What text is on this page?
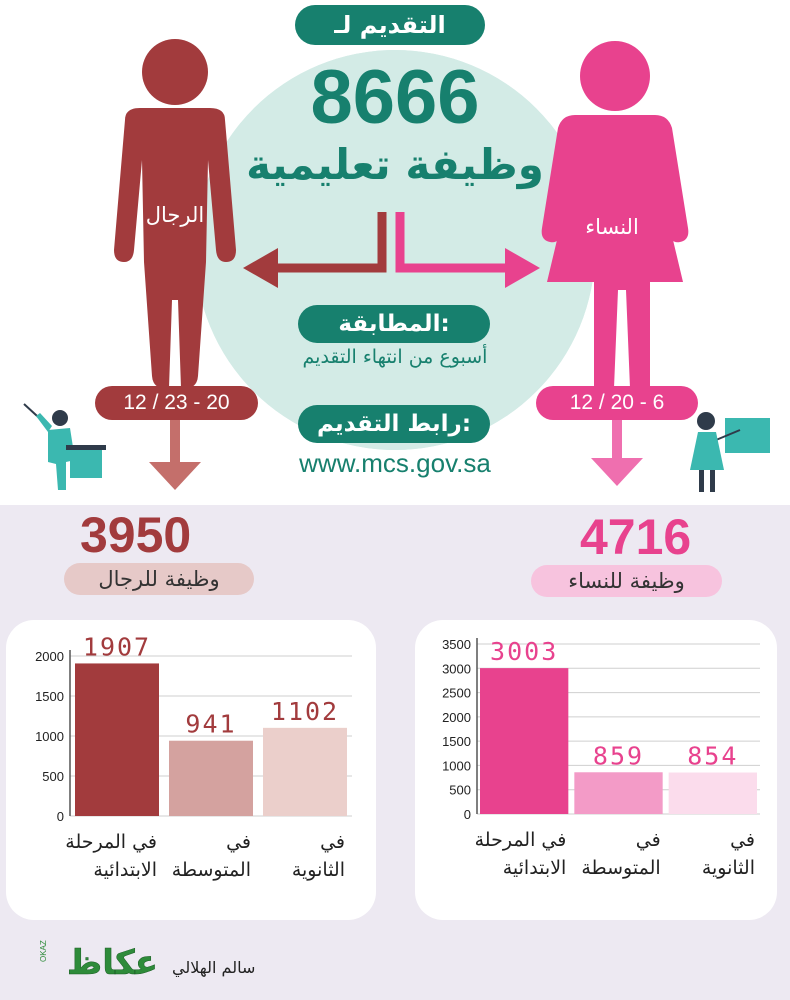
التقديم لـ
8666
وظيفة تعليمية
الرجال	النساء
المطابقة:
أسبوع من انتهاء التقديم
رابط التقديم:
www.mcs.gov.sa
12 / 23 - 20	12 / 20 - 6
3950
وظيفة للرجال
4716
وظيفة للنساء
0
500
1000
1500
2000 1907
في المرحلة الابتدائية
941
في المتوسطة
1102
في الثانوية
0
500
1000
1500
2000
2500
3000
3500 3003
في المرحلة الابتدائية
859
في المتوسطة
854
في الثانوية
سالم الهلالي
OKAZ عكاظ
